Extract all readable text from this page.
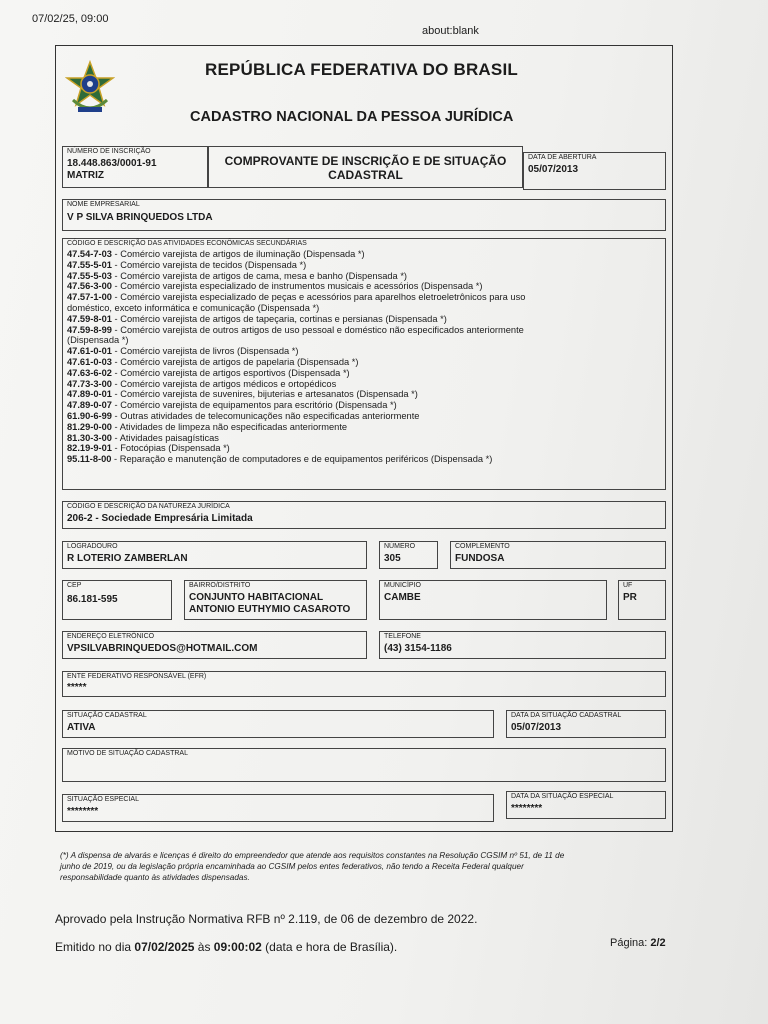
07/02/25, 09:00
about:blank
REPÚBLICA FEDERATIVA DO BRASIL
CADASTRO NACIONAL DA PESSOA JURÍDICA
NÚMERO DE INSCRIÇÃO
18.448.863/0001-91
MATRIZ
COMPROVANTE DE INSCRIÇÃO E DE SITUAÇÃO
CADASTRAL
DATA DE ABERTURA
05/07/2013
NOME EMPRESARIAL
V P SILVA BRINQUEDOS LTDA
CÓDIGO E DESCRIÇÃO DAS ATIVIDADES ECONÔMICAS SECUNDÁRIAS
47.54-7-03 - Comércio varejista de artigos de iluminação (Dispensada *)
47.55-5-01 - Comércio varejista de tecidos (Dispensada *)
47.55-5-03 - Comércio varejista de artigos de cama, mesa e banho (Dispensada *)
47.56-3-00 - Comércio varejista especializado de instrumentos musicais e acessórios (Dispensada *)
47.57-1-00 - Comércio varejista especializado de peças e acessórios para aparelhos eletroeletrônicos para uso
doméstico, exceto informática e comunicação (Dispensada *)
47.59-8-01 - Comércio varejista de artigos de tapeçaria, cortinas e persianas (Dispensada *)
47.59-8-99 - Comércio varejista de outros artigos de uso pessoal e doméstico não especificados anteriormente
(Dispensada *)
47.61-0-01 - Comércio varejista de livros (Dispensada *)
47.61-0-03 - Comércio varejista de artigos de papelaria (Dispensada *)
47.63-6-02 - Comércio varejista de artigos esportivos (Dispensada *)
47.73-3-00 - Comércio varejista de artigos médicos e ortopédicos
47.89-0-01 - Comércio varejista de suvenires, bijuterias e artesanatos (Dispensada *)
47.89-0-07 - Comércio varejista de equipamentos para escritório (Dispensada *)
61.90-6-99 - Outras atividades de telecomunicações não especificadas anteriormente
81.29-0-00 - Atividades de limpeza não especificadas anteriormente
81.30-3-00 - Atividades paisagísticas
82.19-9-01 - Fotocópias (Dispensada *)
95.11-8-00 - Reparação e manutenção de computadores e de equipamentos periféricos (Dispensada *)
CÓDIGO E DESCRIÇÃO DA NATUREZA JURÍDICA
206-2 - Sociedade Empresária Limitada
LOGRADOURO
R LOTERIO ZAMBERLAN
NÚMERO
305
COMPLEMENTO
FUNDOSA
CEP
86.181-595
BAIRRO/DISTRITO
CONJUNTO HABITACIONAL
ANTONIO EUTHYMIO CASAROTO
MUNICÍPIO
CAMBE
UF
PR
ENDEREÇO ELETRÔNICO
VPSILVABRINQUEDOS@HOTMAIL.COM
TELEFONE
(43) 3154-1186
ENTE FEDERATIVO RESPONSÁVEL (EFR)
*****
SITUAÇÃO CADASTRAL
ATIVA
DATA DA SITUAÇÃO CADASTRAL
05/07/2013
MOTIVO DE SITUAÇÃO CADASTRAL
SITUAÇÃO ESPECIAL
********
DATA DA SITUAÇÃO ESPECIAL
********
(*) A dispensa de alvarás e licenças é direito do empreendedor que atende aos requisitos constantes na Resolução CGSIM nº 51, de 11 de
junho de 2019, ou da legislação própria encaminhada ao CGSIM pelos entes federativos, não tendo a Receita Federal qualquer
responsabilidade quanto às atividades dispensadas.
Aprovado pela Instrução Normativa RFB nº 2.119, de 06 de dezembro de 2022.
Emitido no dia 07/02/2025 às 09:00:02 (data e hora de Brasília).	Página: 2/2
